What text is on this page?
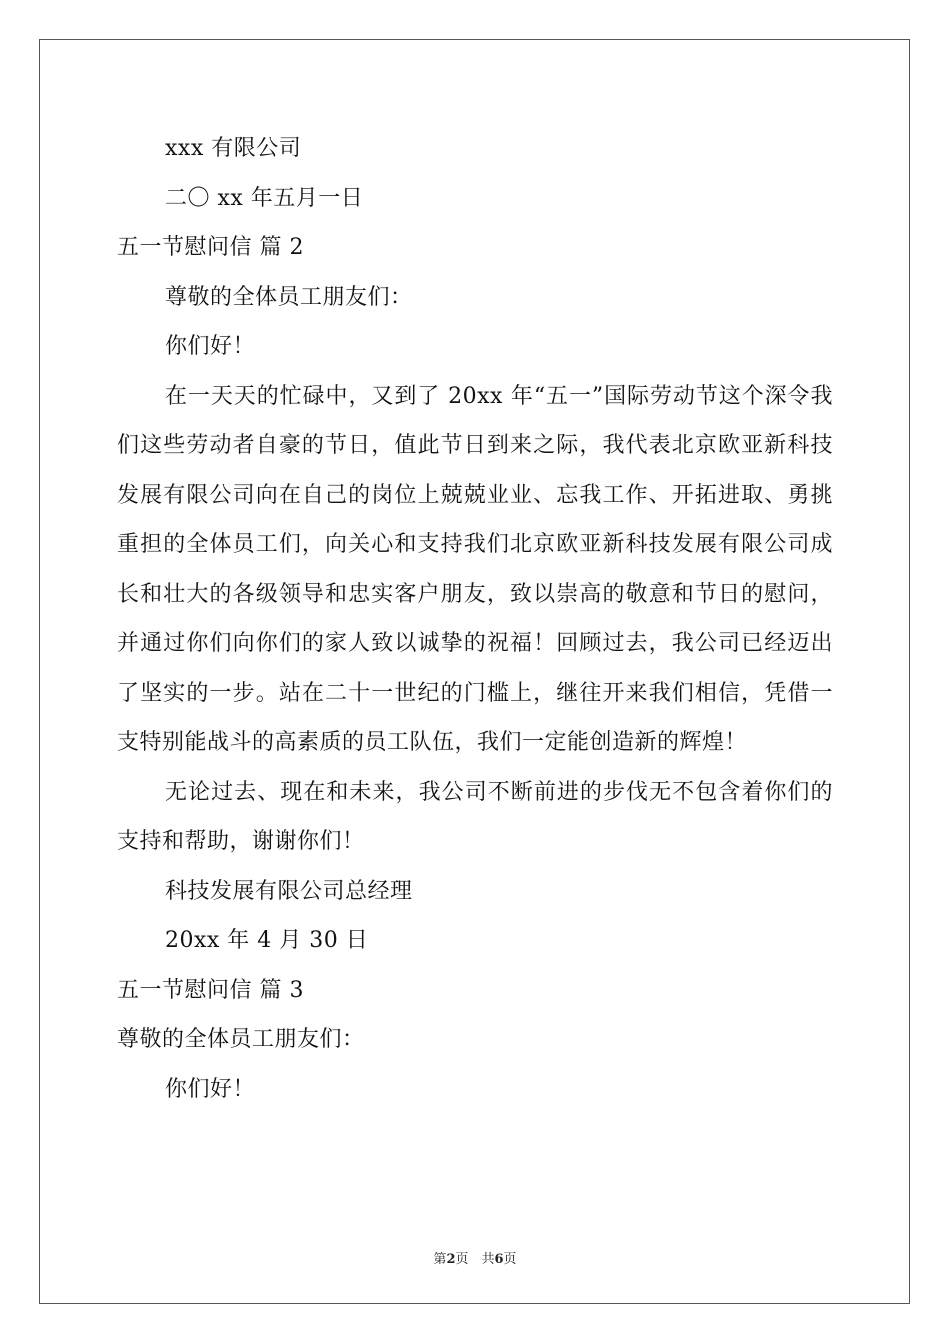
xxx 有限公司
二〇 xx 年五月一日
五一节慰问信 篇 2
尊敬的全体员工朋友们：
你们好！
在一天天的忙碌中，又到了 20xx 年“五一”国际劳动节这个深令我们这些劳动者自豪的节日，值此节日到来之际，我代表北京欧亚新科技发展有限公司向在自己的岗位上兢兢业业、忘我工作、开拓进取、勇挑重担的全体员工们，向关心和支持我们北京欧亚新科技发展有限公司成长和壮大的各级领导和忠实客户朋友，致以崇高的敬意和节日的慰问，并通过你们向你们的家人致以诚挚的祝福！回顾过去，我公司已经迈出了坚实的一步。站在二十一世纪的门槛上，继往开来我们相信，凭借一支特别能战斗的高素质的员工队伍，我们一定能创造新的辉煌！
无论过去、现在和未来，我公司不断前进的步伐无不包含着你们的支持和帮助，谢谢你们！
科技发展有限公司总经理
20xx 年 4 月 30 日
五一节慰问信 篇 3
尊敬的全体员工朋友们：
你们好！
第2页　共6页
